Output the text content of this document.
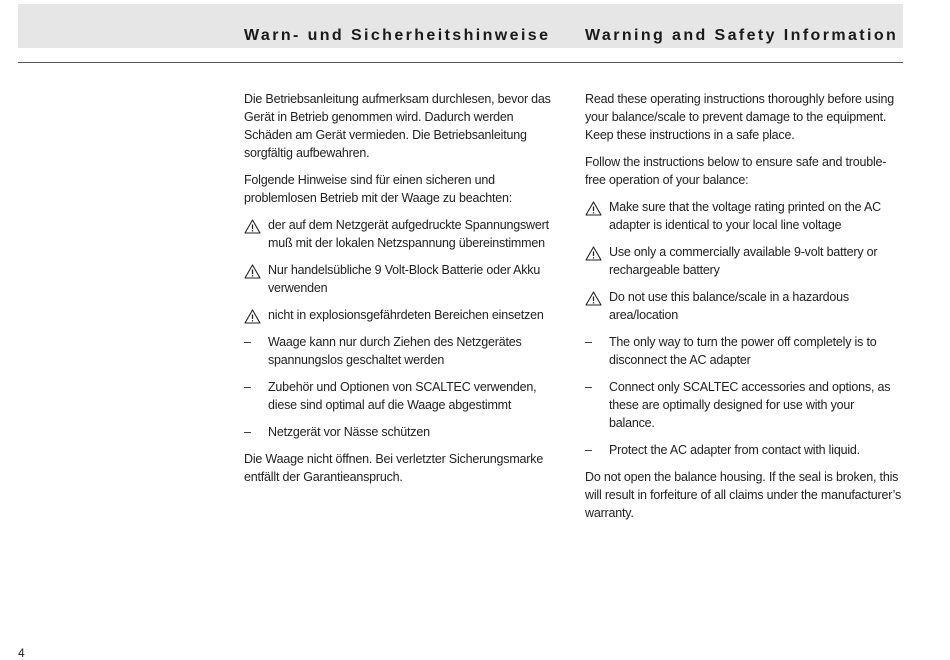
Warn- und Sicherheitshinweise Warning and Safety Information

Die Betriebsanleitung aufmerksam durchlesen, bevor das Gerät in Betrieb genommen wird. Dadurch werden Schäden am Gerät vermieden. Die Betriebsanleitung sorgfältig aufbewahren.

Folgende Hinweise sind für einen sicheren und problemlosen Betrieb mit der Waage zu beachten:

der auf dem Netzgerät aufgedruckte Spannungswert muß mit der lokalen Netzspannung übereinstimmen
Nur handelsübliche 9 Volt-Block Batterie oder Akku verwenden
nicht in explosionsgefährdeten Bereichen einsetzen
– Waage kann nur durch Ziehen des Netzgerätes spannungslos geschaltet werden
– Zubehör und Optionen von SCALTEC verwenden, diese sind optimal auf die Waage abgestimmt
– Netzgerät vor Nässe schützen

Die Waage nicht öffnen. Bei verletzter Sicherungsmarke entfällt der Garantieanspruch.

Read these operating instructions thoroughly before using your balance/scale to prevent damage to the equipment. Keep these instructions in a safe place.

Follow the instructions below to ensure safe and trouble-free operation of your balance:

Make sure that the voltage rating printed on the AC adapter is identical to your local line voltage
Use only a commercially available 9-volt battery or rechargeable battery
Do not use this balance/scale in a hazardous area/location
– The only way to turn the power off completely is to disconnect the AC adapter
– Connect only SCALTEC accessories and options, as these are optimally designed for use with your balance.
– Protect the AC adapter from contact with liquid.

Do not open the balance housing. If the seal is broken, this will result in forfeiture of all claims under the manufacturer’s warranty.

4
